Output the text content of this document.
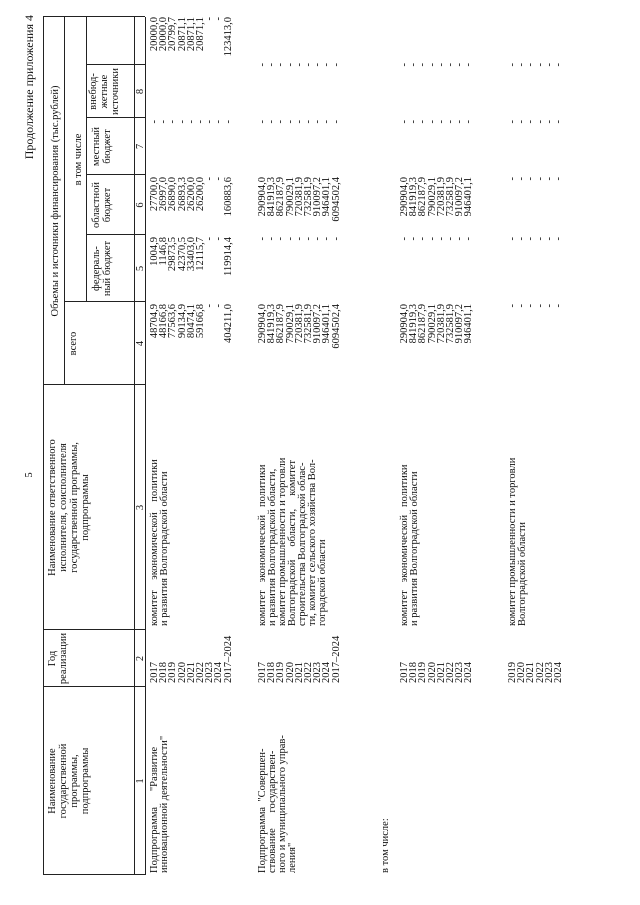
5
Продолжение приложения 4
Наименование
государственной
программы,
подпрограммы
Год
реализации
Наименование ответственного
исполнителя, соисполнителя
государственной программы,
подпрограммы
Объемы и источники финансирования (тыс.рублей)
всего
в том числе
федераль-
ный бюджет
областной
бюджет
местный
бюджет
внебюд-
жетные
источники
1
2
3
4
5
6
7
8
Подпрограмма      "Развитие
инновационной деятельности"
2017
2018
2019
2020
2021
2022
2023
2024
2017–2024
комитет    экономической    политики
и развития Волгоградской области
48704,9
48166,8
77563,6
90134,9
80474,1
59166,8
-
-
404211,0
1004,9
1146,8
29873,5
42370,5
33403,0
12115,7
-
-
119914,4
27700,0
26997,0
26890,0
26893,3
26200,0
26200,0
-
-
160883,6
-
-
-
-
-
-
-
-
-
20000,0
20000,0
20799,7
20871,1
20871,1
20871,1
-
-
123413,0
Подпрограмма  "Совершен-
ствование      государствен-
ного и муниципального управ-
ления"
2017
2018
2019
2020
2021
2022
2023
2024
2017–2024
комитет   экономической   политики
и развития Волгоградской области,
комитет промышленности и торговли
Волгоградской     области,     комитет
строительства Волгоградской облас-
ти, комитет сельского хозяйства Вол-
гоградской области
290904,0
841919,3
862187,9
790029,1
720381,9
732581,9
910097,2
946401,1
6094502,4
-
-
-
-
-
-
-
-
-
290904,0
841919,3
862187,9
790029,1
720381,9
732581,9
910097,2
946401,1
6094502,4
-
-
-
-
-
-
-
-
-
-
-
-
-
-
-
-
-
-
в том числе:
2017
2018
2019
2020
2021
2022
2023
2024
комитет   экономической   политики
и развития Волгоградской области
290904,0
841919,3
862187,9
790029,1
720381,9
732581,9
910097,2
946401,1
-
-
-
-
-
-
-
-
290904,0
841919,3
862187,9
790029,1
720381,9
732581,9
910097,2
946401,1
-
-
-
-
-
-
-
-
-
-
-
-
-
-
-
-
2019
2020
2021
2022
2023
2024
комитет промышленности и торговли
Волгоградской области
-
-
-
-
-
-
-
-
-
-
-
-
-
-
-
-
-
-
-
-
-
-
-
-
-
-
-
-
-
-
